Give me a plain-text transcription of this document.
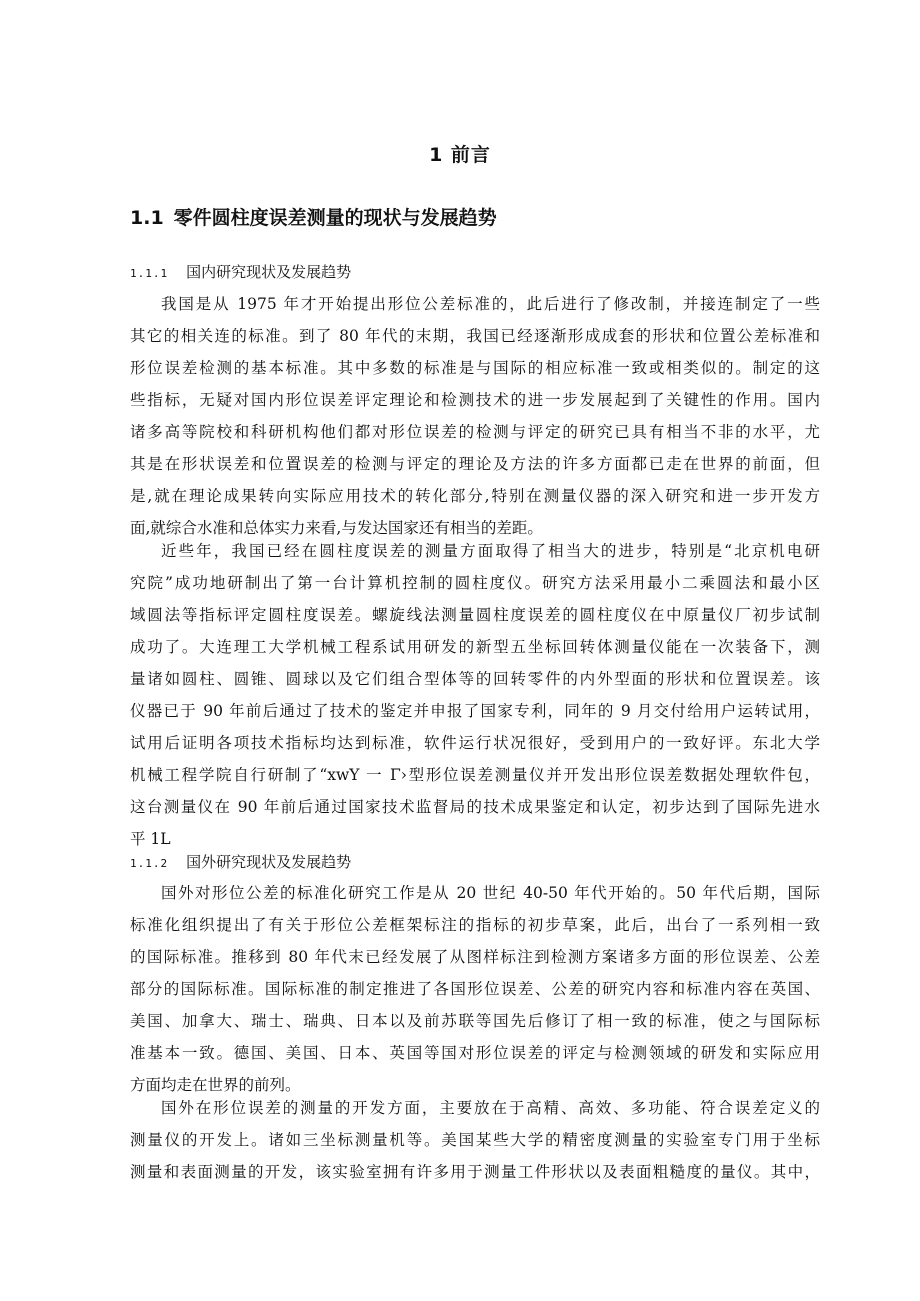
1 前言
1.1 零件圆柱度误差测量的现状与发展趋势
1.1.1 国内研究现状及发展趋势
我国是从 1975 年才开始提出形位公差标准的，此后进行了修改制，并接连制定了一些
其它的相关连的标准。到了 80 年代的末期，我国已经逐渐形成成套的形状和位置公差标准和
形位误差检测的基本标准。其中多数的标准是与国际的相应标准一致或相类似的。制定的这
些指标，无疑对国内形位误差评定理论和检测技术的进一步发展起到了关键性的作用。国内
诸多高等院校和科研机构他们都对形位误差的检测与评定的研究已具有相当不非的水平，尤
其是在形状误差和位置误差的检测与评定的理论及方法的许多方面都已走在世界的前面，但
是,就在理论成果转向实际应用技术的转化部分,特别在测量仪器的深入研究和进一步开发方
面,就综合水准和总体实力来看,与发达国家还有相当的差距。
近些年，我国已经在圆柱度误差的测量方面取得了相当大的进步，特别是“北京机电研
究院”成功地研制出了第一台计算机控制的圆柱度仪。研究方法采用最小二乘圆法和最小区
域圆法等指标评定圆柱度误差。螺旋线法测量圆柱度误差的圆柱度仪在中原量仪厂初步试制
成功了。大连理工大学机械工程系试用研发的新型五坐标回转体测量仪能在一次装备下，测
量诸如圆柱、圆锥、圆球以及它们组合型体等的回转零件的内外型面的形状和位置误差。该
仪器已于 90 年前后通过了技术的鉴定并申报了国家专利，同年的 9 月交付给用户运转试用，
试用后证明各项技术指标均达到标准，软件运行状况很好，受到用户的一致好评。东北大学
机械工程学院自行研制了“xwY 一 Γ›型形位误差测量仪并开发出形位误差数据处理软件包，
这台测量仪在 90 年前后通过国家技术监督局的技术成果鉴定和认定，初步达到了国际先进水
平 1L
1.1.2 国外研究现状及发展趋势
国外对形位公差的标准化研究工作是从 20 世纪 40-50 年代开始的。50 年代后期，国际
标准化组织提出了有关于形位公差框架标注的指标的初步草案，此后，出台了一系列相一致
的国际标准。推移到 80 年代末已经发展了从图样标注到检测方案诸多方面的形位误差、公差
部分的国际标准。国际标准的制定推进了各国形位误差、公差的研究内容和标准内容在英国、
美国、加拿大、瑞士、瑞典、日本以及前苏联等国先后修订了相一致的标准，使之与国际标
准基本一致。德国、美国、日本、英国等国对形位误差的评定与检测领域的研发和实际应用
方面均走在世界的前列。
国外在形位误差的测量的开发方面，主要放在于高精、高效、多功能、符合误差定义的
测量仪的开发上。诸如三坐标测量机等。美国某些大学的精密度测量的实验室专门用于坐标
测量和表面测量的开发，该实验室拥有许多用于测量工件形状以及表面粗糙度的量仪。其中，
